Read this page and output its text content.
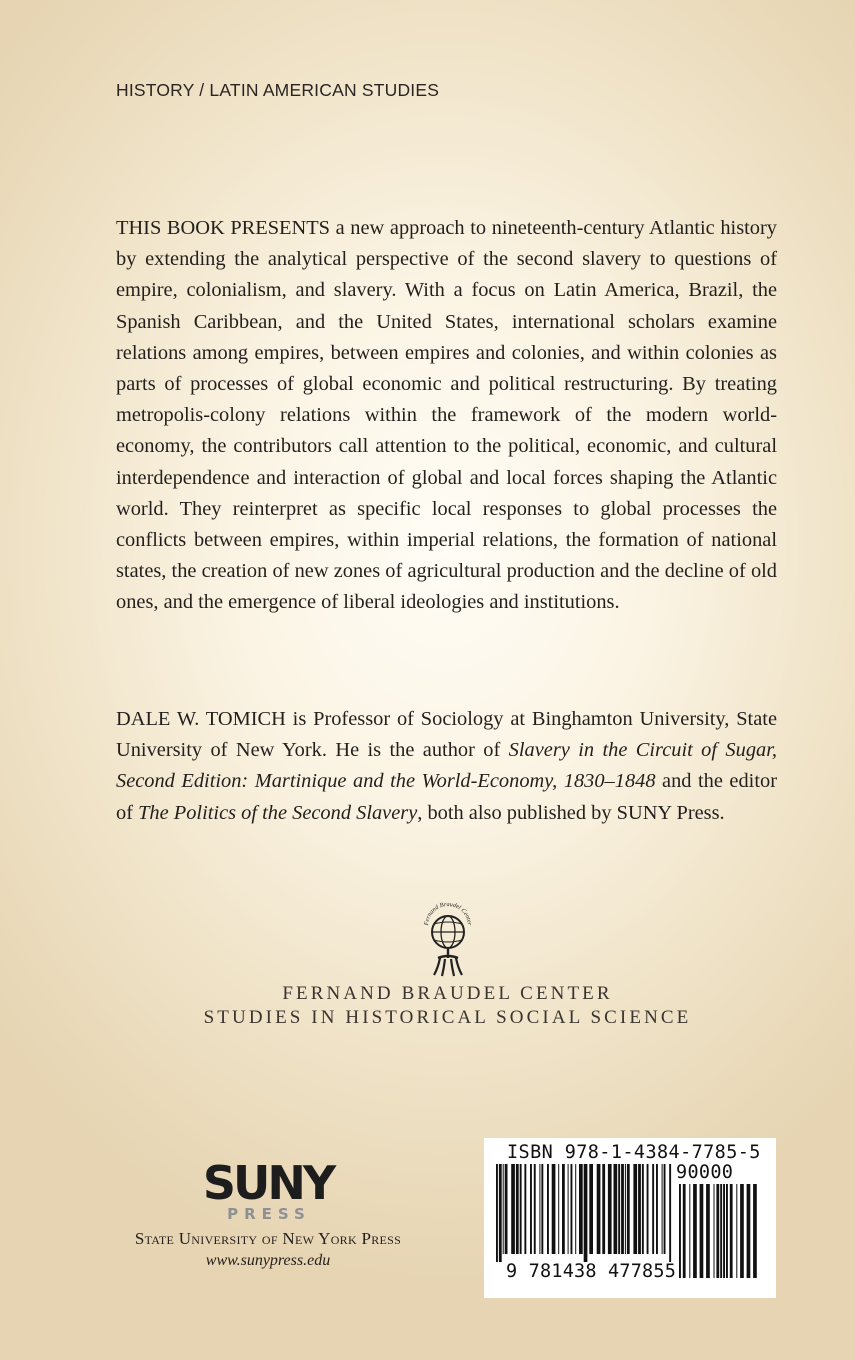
HISTORY / LATIN AMERICAN STUDIES

THIS BOOK PRESENTS a new approach to nineteenth-century Atlantic history by extending the analytical perspective of the second slavery to questions of empire, colonialism, and slavery. With a focus on Latin America, Brazil, the Spanish Caribbean, and the United States, international scholars examine relations among empires, between empires and colonies, and within colonies as parts of processes of global economic and political restructuring. By treating metropolis-colony relations within the framework of the modern world-economy, the contributors call attention to the political, economic, and cultural interdependence and interaction of global and local forces shaping the Atlantic world. They reinterpret as specific local responses to global processes the conflicts between empires, within imperial relations, the formation of national states, the creation of new zones of agricultural production and the decline of old ones, and the emergence of liberal ideologies and institutions.

DALE W. TOMICH is Professor of Sociology at Binghamton University, State University of New York. He is the author of Slavery in the Circuit of Sugar, Second Edition: Martinique and the World-Economy, 1830–1848 and the editor of The Politics of the Second Slavery, both also published by SUNY Press.

Fernand Braudel Center
FERNAND BRAUDEL CENTER
STUDIES IN HISTORICAL SOCIAL SCIENCE
SUNY
PRESS
State University of New York Press
www.sunypress.edu
ISBN 978-1-4384-7785-5
90000
9 781438 477855
